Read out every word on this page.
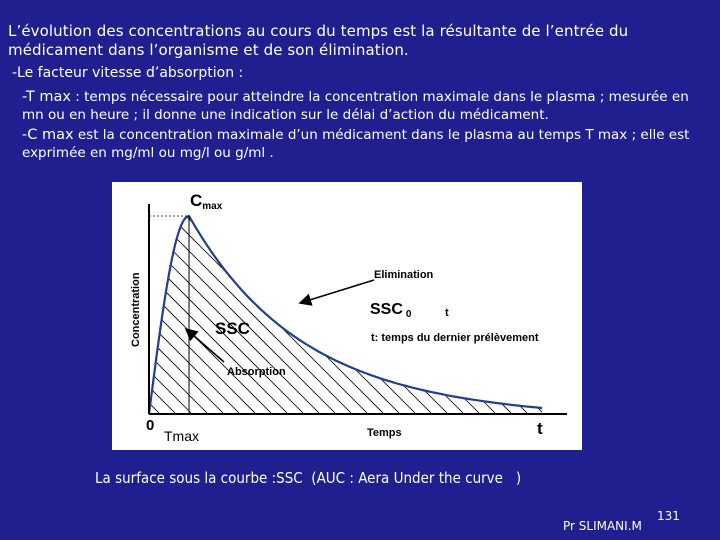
L’évolution des concentrations au cours du temps est la résultante de l’entrée du médicament dans l’organisme et de son élimination.
-Le facteur vitesse d’absorption :
-T max : temps nécessaire pour atteindre la concentration maximale dans le plasma ; mesurée en mn ou en heure ; il donne une indication sur le délai d’action du médicament.
-C max est la concentration maximale d’un médicament dans le plasma au temps T max ; elle est exprimée en mg/ml ou mg/l ou g/ml .
Concentration
Temps
0
Tmax
Cmax
t
SSC
Elimination
Absorption
SSC 0	t
t: temps du dernier prélèvement
La surface sous la courbe :SSC  (AUC : Aera Under the curve   )
Pr SLIMANI.M
131
